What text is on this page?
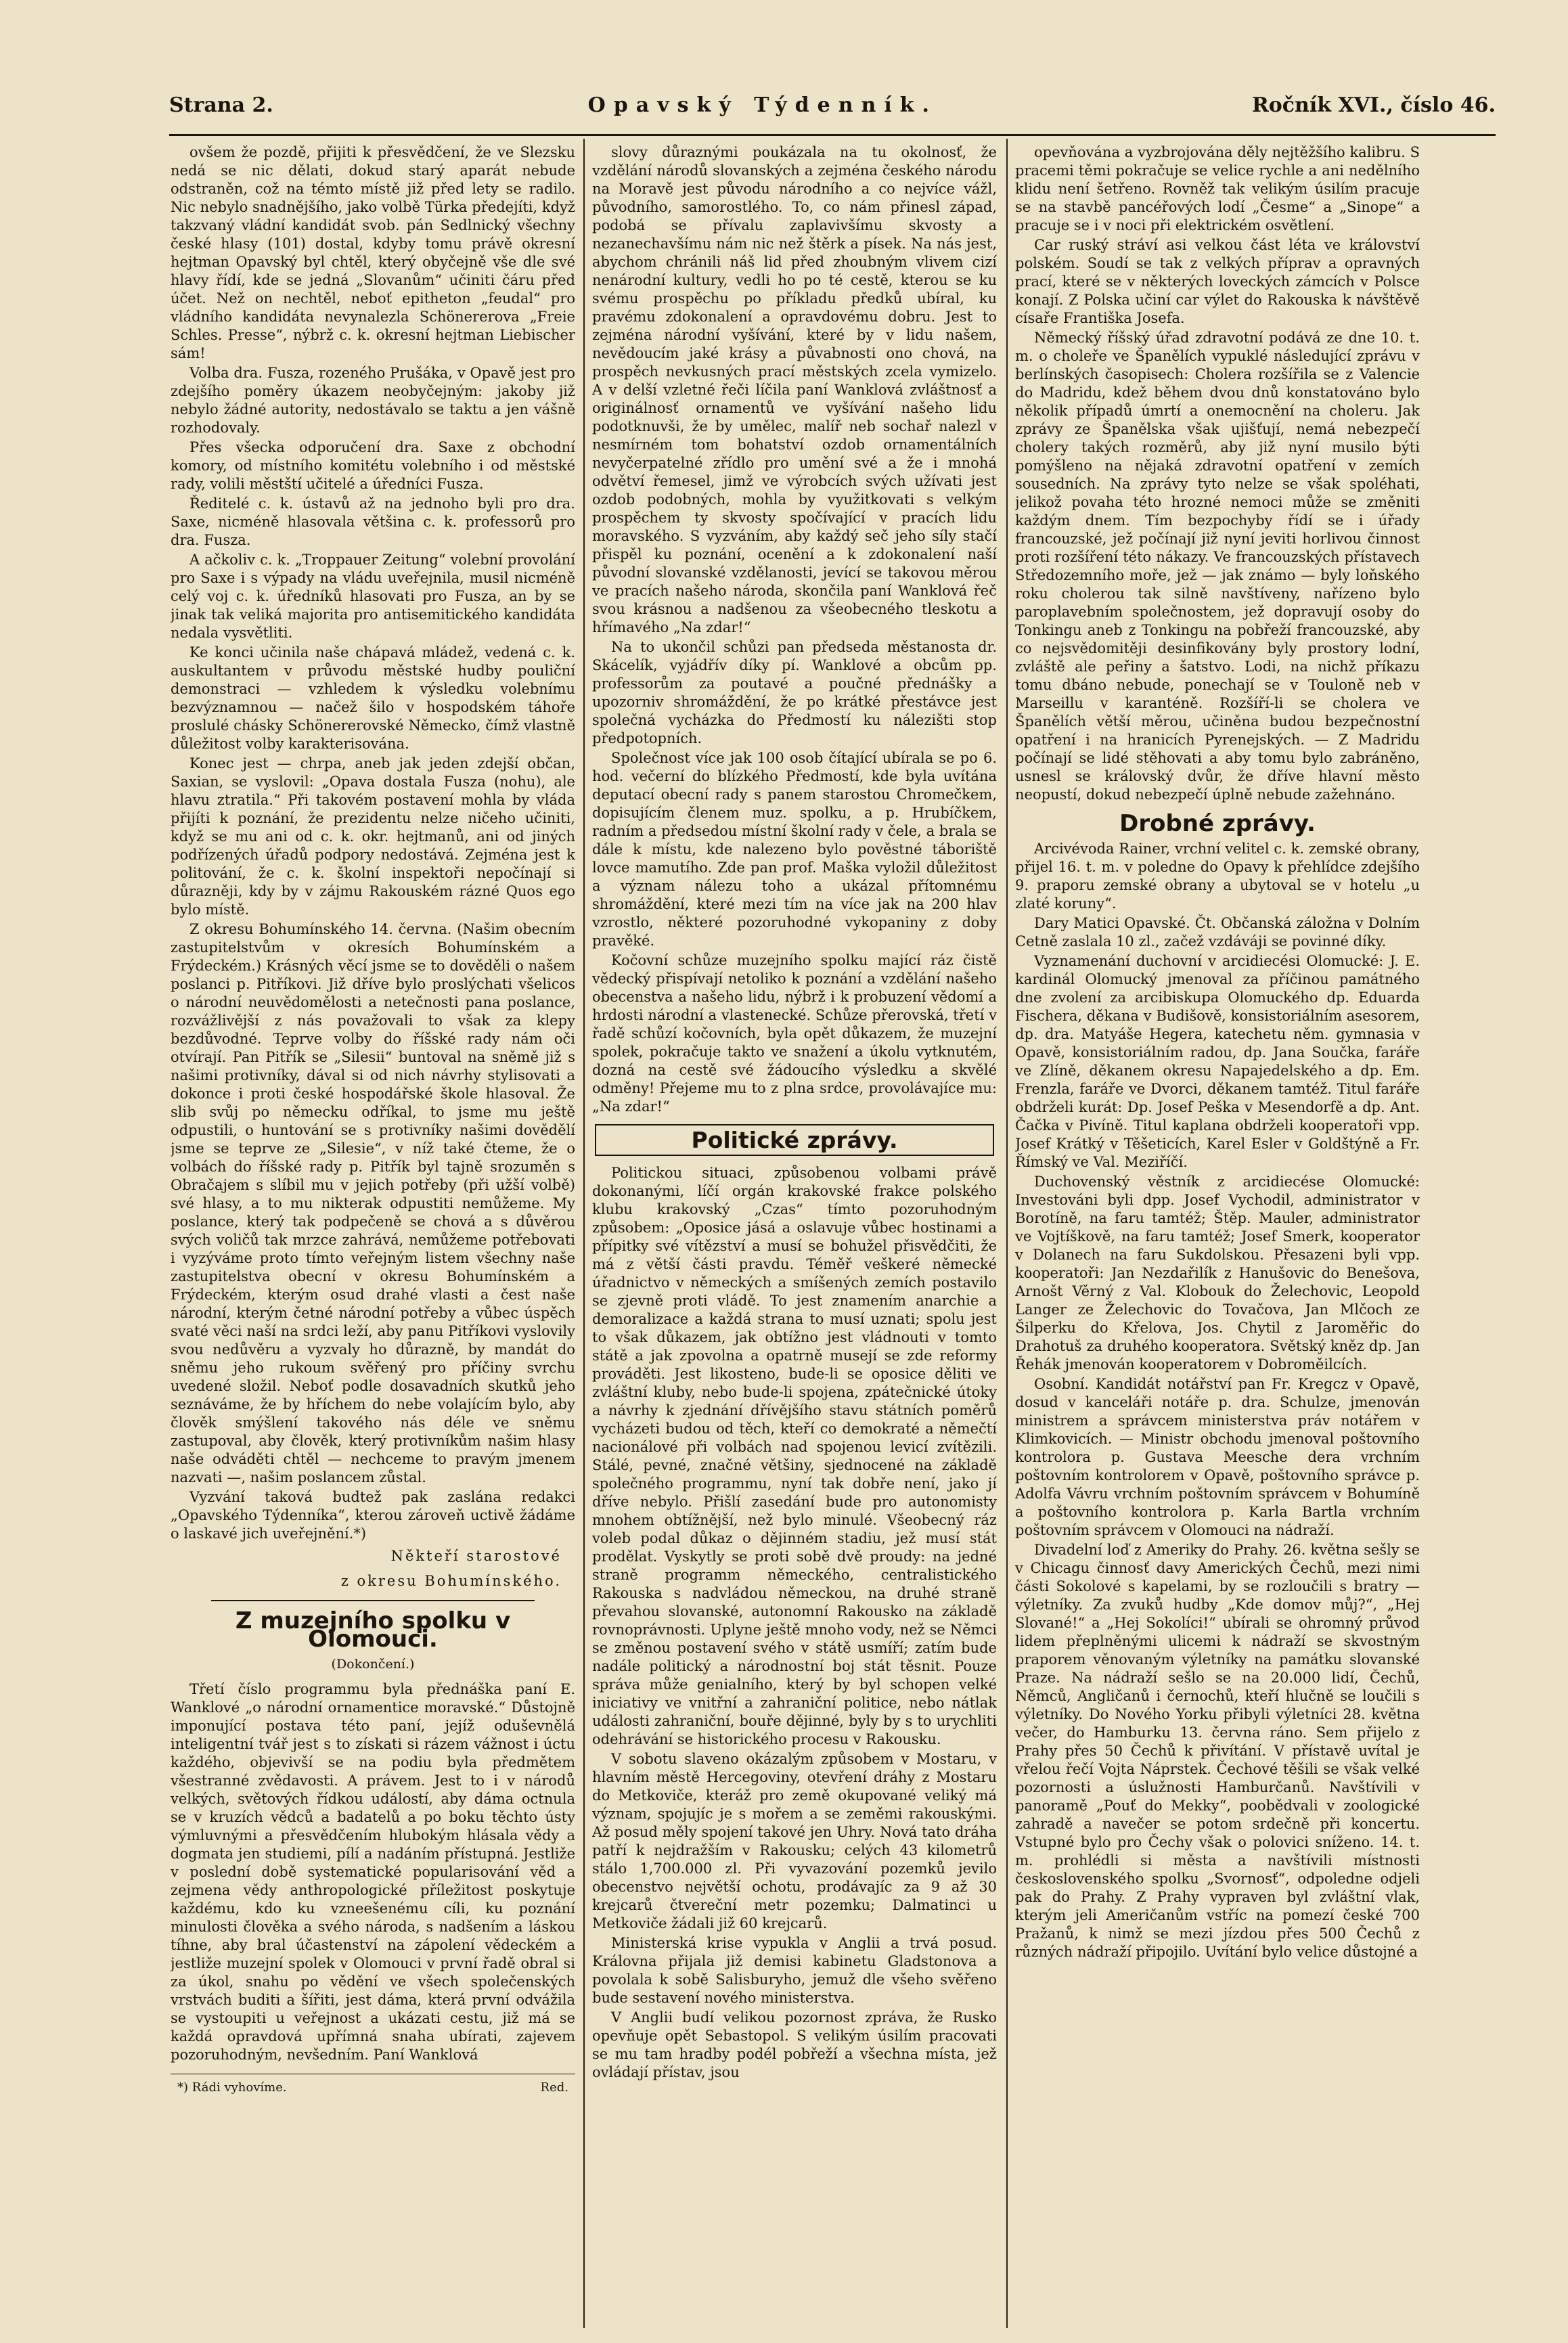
Strana 2.	Opavský Týdenník.	Ročník XVI., číslo 46.

ovšem že pozdě, přijiti k přesvědčení, že ve Slezsku nedá se nic dělati, dokud starý aparát nebude odstraněn, což na témto místě již před lety se radilo. Nic nebylo snadnějšího, jako volbě Türka předejíti, když takzvaný vládní kandidát svob. pán Sedlnický všechny české hlasy (101) dostal, kdyby tomu právě okresní hejtman Opavský byl chtěl, který obyčejně vše dle své hlavy řídí, kde se jedná „Slovanům“ učiniti čáru před účet. Než on nechtěl, neboť epitheton „feudal“ pro vládního kandidáta nevynalezla Schönererova „Freie Schles. Presse“, nýbrž c. k. okresní hejtman Liebischer sám!

Volba dra. Fusza, rozeného Prušáka, v Opavě jest pro zdejšího poměry úkazem neobyčejným: jakoby již nebylo žádné autority, nedostávalo se taktu a jen vášně rozhodovaly.

Přes všecka odporučení dra. Saxe z obchodní komory, od místního komitétu volebního i od městské rady, volili městští učitelé a úředníci Fusza.

Ředitelé c. k. ústavů až na jednoho byli pro dra. Saxe, nicméně hlasovala většina c. k. professorů pro dra. Fusza.

A ačkoliv c. k. „Troppauer Zeitung“ volební provolání pro Saxe i s výpady na vládu uveřejnila, musil nicméně celý voj c. k. úředníků hlasovati pro Fusza, an by se jinak tak veliká majorita pro antisemitického kandidáta nedala vysvětliti.

Ke konci učinila naše chápavá mládež, vedená c. k. auskultantem v průvodu městské hudby pouliční demonstraci — vzhledem k výsledku volebnímu bezvýznamnou — načež šilo v hospodském táhoře proslulé chásky Schönererovské Německo, čímž vlastně důležitost volby karakterisována.

Konec jest — chrpa, aneb jak jeden zdejší občan, Saxian, se vyslovil: „Opava dostala Fusza (nohu), ale hlavu ztratila.“ Při takovém postavení mohla by vláda přijíti k poznání, že prezidentu nelze ničeho učiniti, když se mu ani od c. k. okr. hejtmanů, ani od jiných podřízených úřadů podpory nedostává. Zejména jest k politování, že c. k. školní inspektoři nepočínají si důrazněji, kdy by v zájmu Rakouském rázné Quos ego bylo místě.

Z okresu Bohumínského 14. června. (Našim obecním zastupitelstvům v okresích Bohumínském a Frýdeckém.) Krásných věcí jsme se to dověděli o našem poslanci p. Pitříkovi. Již dříve bylo proslýchati všelicos o národní neuvědomělosti a netečnosti pana poslance, rozvážlivější z nás považovali to však za klepy bezdůvodné. Teprve volby do říšské rady nám oči otvírají. Pan Pitřík se „Silesii“ buntoval na sněmě již s našimi protivníky, dával si od nich návrhy stylisovati a dokonce i proti české hospodářské škole hlasoval. Že slib svůj po německu odříkal, to jsme mu ještě odpustili, o huntování se s protivníky našimi dovědělí jsme se teprve ze „Silesie“, v níž také čteme, že o volbách do říšské rady p. Pitřík byl tajně srozuměn s Obračajem s slíbil mu v jejich potřeby (při užší volbě) své hlasy, a to mu nikterak odpustiti nemůžeme. My poslance, který tak podpečeně se chová a s důvěrou svých voličů tak mrzce zahrává, nemůžeme potřebovati i vyzýváme proto tímto veřejným listem všechny naše zastupitelstva obecní v okresu Bohumínském a Frýdeckém, kterým osud drahé vlasti a čest naše národní, kterým četné národní potřeby a vůbec úspěch svaté věci naší na srdci leží, aby panu Pitříkovi vyslovily svou nedůvěru a vyzvaly ho důrazně, by mandát do sněmu jeho rukoum svěřený pro příčiny svrchu uvedené složil. Neboť podle dosavadních skutků jeho seznáváme, že by hříchem do nebe volajícím bylo, aby člověk smýšlení takového nás déle ve sněmu zastupoval, aby člověk, který protivníkům našim hlasy naše odváděti chtěl — nechceme to pravým jmenem nazvati —, našim poslancem zůstal.

Vyzvání taková budtež pak zaslána redakci „Opavského Týdenníka“, kterou zároveň uctivě žádáme o laskavé jich uveřejnění.*)

Někteří starostové
z okresu Bohumínského.
Z muzejního spolku v Olomouci.
(Dokončení.)

Třetí číslo programmu byla přednáška paní E. Wanklové „o národní ornamentice moravské.“ Důstojně imponující postava této paní, jejíž oduševnělá inteligentní tvář jest s to získati si rázem vážnost i úctu každého, objevivší se na podiu byla předmětem všestranné zvědavosti. A právem. Jest to i v národů velkých, světových řídkou událostí, aby dáma octnula se v kruzích vědců a badatelů a po boku těchto ústy výmluvnými a přesvědčením hlubokým hlásala vědy a dogmata jen studiemi, pílí a nadáním přístupná. Jestliže v poslední době systematické popularisování věd a zejmena vědy anthropologické příležitost poskytuje každému, kdo ku vzneešenému cíli, ku poznání minulosti člověka a svého národa, s nadšením a láskou tíhne, aby bral účastenství na zápolení vědeckém a jestliže muzejní spolek v Olomouci v první řadě obral si za úkol, snahu po vědění ve všech společenských vrstvách buditi a šířiti, jest dáma, která první odvážila se vystoupiti u veřejnost a ukázati cestu, již má se každá opravdová upřímná snaha ubírati, zajevem pozoruhodným, nevšedním. Paní Wanklová

*) Rádi vyhovíme.	Red.

slovy důraznými poukázala na tu okolnosť, že vzdělání národů slovanských a zejména českého národu na Moravě jest původu národního a co nejvíce vážl, původního, samorostlého. To, co nám přinesl západ, podobá se přívalu zaplavivšímu skvosty a nezanechavšímu nám nic než štěrk a písek. Na nás jest, abychom chránili náš lid před zhoubným vlivem cizí nenárodní kultury, vedli ho po té cestě, kterou se ku svému prospěchu po příkladu předků ubíral, ku pravému zdokonalení a opravdovému dobru. Jest to zejména národní vyšívání, které by v lidu našem, nevědoucím jaké krásy a půvabnosti ono chová, na prospěch nevkusných prací městských zcela vymizelo. A v delší vzletné řeči líčila paní Wanklová zvláštnosť a originálnosť ornamentů ve vyšívání našeho lidu podotknuvši, že by umělec, malíř neb sochař nalezl v nesmírném tom bohatství ozdob ornamentálních nevyčerpatelné zřídlo pro umění své a že i mnohá odvětví řemesel, jimž ve výrobcích svých užívati jest ozdob podobných, mohla by využitkovati s velkým prospěchem ty skvosty spočívající v pracích lidu moravského. S vyzváním, aby každý seč jeho síly stačí přispěl ku poznání, ocenění a k zdokonalení naší původní slovanské vzdělanosti, jevící se takovou měrou ve pracích našeho národa, skončila paní Wanklová řeč svou krásnou a nadšenou za všeobecného tleskotu a hřímavého „Na zdar!“

Na to ukončil schůzi pan předseda městanosta dr. Skácelík, vyjádřív díky pí. Wanklové a obcům pp. professorům za poutavé a poučné přednášky a upozorniv shromáždění, že po krátké přestávce jest společná vycházka do Předmostí ku nálezišti stop předpotopních.

Společnost více jak 100 osob čítající ubírala se po 6. hod. večerní do blízkého Předmostí, kde byla uvítána deputací obecní rady s panem starostou Chromečkem, dopisujícím členem muz. spolku, a p. Hrubíčkem, radním a předsedou místní školní rady v čele, a brala se dále k místu, kde nalezeno bylo pověstné táboriště lovce mamutího. Zde pan prof. Maška vyložil důležitost a význam nálezu toho a ukázal přítomnému shromáždění, které mezi tím na více jak na 200 hlav vzrostlo, některé pozoruhodné vykopaniny z doby pravěké.

Kočovní schůze muzejního spolku mající ráz čistě vědecký přispívají netoliko k poznání a vzdělání našeho obecenstva a našeho lidu, nýbrž i k probuzení vědomí a hrdosti národní a vlastenecké. Schůze přerovská, třetí v řadě schůzí kočovních, byla opět důkazem, že muzejní spolek, pokračuje takto ve snažení a úkolu vytknutém, dozná na cestě své žádoucího výsledku a skvělé odměny! Přejeme mu to z plna srdce, provolávajíce mu: „Na zdar!“

Politické zprávy.

Politickou situaci, způsobenou volbami právě dokonanými, líčí orgán krakovské frakce polského klubu krakovský „Czas“ tímto pozoruhodným způsobem: „Oposice jásá a oslavuje vůbec hostinami a přípitky své vítězství a musí se bohužel přisvědčiti, že má z větší části pravdu. Téměř veškeré německé úřadnictvo v německých a smíšených zemích postavilo se zjevně proti vládě. To jest znamením anarchie a demoralizace a každá strana to musí uznati; spolu jest to však důkazem, jak obtížno jest vládnouti v tomto státě a jak zpovolna a opatrně musejí se zde reformy prováděti. Jest likosteno, bude-li se oposice děliti ve zvláštní kluby, nebo bude-li spojena, zpátečnické útoky a návrhy k zjednání dřívějšího stavu státních poměrů vycházeti budou od těch, kteří co demokraté a němečtí nacionálové při volbách nad spojenou levicí zvítězili. Stálé, pevné, značné většiny, sjednocené na základě společného programmu, nyní tak dobře není, jako jí dříve nebylo. Přišlí zasedání bude pro autonomisty mnohem obtížnější, než bylo minulé. Všeobecný ráz voleb podal důkaz o dějinném stadiu, jež musí stát prodělat. Vyskytly se proti sobě dvě proudy: na jedné straně programm německého, centralistického Rakouska s nadvládou německou, na druhé straně převahou slovanské, autonomní Rakousko na základě rovnoprávnosti. Uplyne ještě mnoho vody, než se Němci se změnou postavení svého v státě usmíří; zatím bude nadále politický a národnostní boj stát těsnit. Pouze správa může genialního, který by byl schopen velké iniciativy ve vnitřní a zahraniční politice, nebo nátlak události zahraniční, bouře dějinné, byly by s to urychliti odehrávání se historického procesu v Rakousku.

V sobotu slaveno okázalým způsobem v Mostaru, v hlavním městě Hercegoviny, otevření dráhy z Mostaru do Metkoviče, kteráž pro země okupované veliký má význam, spojujíc je s mořem a se zeměmi rakouskými. Až posud měly spojení takové jen Uhry. Nová tato dráha patří k nejdražším v Rakousku; celých 43 kilometrů stálo 1,700.000 zl. Při vyvazování pozemků jevilo obecenstvo největší ochotu, prodávajíc za 9 až 30 krejcarů čtvereční metr pozemku; Dalmatinci u Metkoviče žádali již 60 krejcarů.

Ministerská krise vypukla v Anglii a trvá posud. Královna přijala již demisi kabinetu Gladstonova a povolala k sobě Salisburyho, jemuž dle všeho svěřeno bude sestavení nového ministerstva.

V Anglii budí velikou pozornost zpráva, že Rusko opevňuje opět Sebastopol. S velikým úsilím pracovati se mu tam hradby podél pobřeží a všechna místa, jež ovládají přístav, jsou

opevňována a vyzbrojována děly nejtěžšího kalibru. S pracemi těmi pokračuje se velice rychle a ani nedělního klidu není šetřeno. Rovněž tak velikým úsilím pracuje se na stavbě pancéřových lodí „Česme“ a „Sinope“ a pracuje se i v noci při elektrickém osvětlení.

Car ruský stráví asi velkou část léta ve království polském. Soudí se tak z velkých příprav a opravných prací, které se v některých loveckých zámcích v Polsce konají. Z Polska učiní car výlet do Rakouska k návštěvě císaře Františka Josefa.

Německý říšský úřad zdravotní podává ze dne 10. t. m. o choleře ve Španělích vypuklé následující zprávu v berlínských časopisech: Cholera rozšířila se z Valencie do Madridu, kdež během dvou dnů konstatováno bylo několik případů úmrtí a onemocnění na choleru. Jak zprávy ze Španělska však ujišťují, nemá nebezpečí cholery takých rozměrů, aby již nyní musilo býti pomýšleno na nějaká zdravotní opatření v zemích sousedních. Na zprávy tyto nelze se však spoléhati, jelikož povaha této hrozné nemoci může se změniti každým dnem. Tím bezpochyby řídí se i úřady francouzské, jež počínají již nyní jeviti horlivou činnost proti rozšíření této nákazy. Ve francouzských přístavech Středozemního moře, jež — jak známo — byly loňského roku cholerou tak silně navštíveny, nařízeno bylo paroplavebním společnostem, jež dopravují osoby do Tonkingu aneb z Tonkingu na pobřeží francouzské, aby co nejsvědomitěji desinfikovány byly prostory lodní, zvláště ale peřiny a šatstvo. Lodi, na nichž příkazu tomu dbáno nebude, ponechají se v Touloně neb v Marseillu v karanténě. Rozšíří-li se cholera ve Španělích větší měrou, učiněna budou bezpečnostní opatření i na hranicích Pyrenejských. — Z Madridu počínají se lidé stěhovati a aby tomu bylo zabráněno, usnesl se královský dvůr, že dříve hlavní město neopustí, dokud nebezpečí úplně nebude zažehnáno.

Drobné zprávy.

Arcivévoda Rainer, vrchní velitel c. k. zemské obrany, přijel 16. t. m. v poledne do Opavy k přehlídce zdejšího 9. praporu zemské obrany a ubytoval se v hotelu „u zlaté koruny“.

Dary Matici Opavské. Čt. Občanská záložna v Dolním Cetně zaslala 10 zl., začež vzdáváji se povinné díky.

Vyznamenání duchovní v arcidiecési Olomucké: J. E. kardinál Olomucký jmenoval za příčinou památného dne zvolení za arcibiskupa Olomuckého dp. Eduarda Fischera, děkana v Budišově, konsistoriálním asesorem, dp. dra. Matyáše Hegera, katechetu něm. gymnasia v Opavě, konsistoriálním radou, dp. Jana Součka, faráře ve Zlíně, děkanem okresu Napajedelského a dp. Em. Frenzla, faráře ve Dvorci, děkanem tamtéž. Titul faráře obdrželi kurát: Dp. Josef Peška v Mesendorfě a dp. Ant. Čačka v Pivíně. Titul kaplana obdrželi kooperatoři vpp. Josef Krátký v Těšeticích, Karel Esler v Goldštýně a Fr. Římský ve Val. Meziříčí.

Duchovenský věstník z arcidiecése Olomucké: Investováni byli dpp. Josef Vychodil, administrator v Borotíně, na faru tamtéž; Štěp. Mauler, administrator ve Vojtíškově, na faru tamtéž; Josef Smerk, kooperator v Dolanech na faru Sukdolskou. Přesazeni byli vpp. kooperatoři: Jan Nezdařilík z Hanušovic do Benešova, Arnošt Věrný z Val. Klobouk do Želechovic, Leopold Langer ze Želechovic do Tovačova, Jan Mlčoch ze Šilperku do Křelova, Jos. Chytil z Jaroměřic do Drahotuš za druhého kooperatora. Světský kněz dp. Jan Řehák jmenován kooperatorem v Dobroměilcích.

Osobní. Kandidát notářství pan Fr. Kregcz v Opavě, dosud v kanceláři notáře p. dra. Schulze, jmenován ministrem a správcem ministerstva práv notářem v Klimkovicích. — Ministr obchodu jmenoval poštovního kontrolora p. Gustava Meesche dera vrchním poštovním kontrolorem v Opavě, poštovního správce p. Adolfa Vávru vrchním poštovním správcem v Bohumíně a poštovního kontrolora p. Karla Bartla vrchním poštovním správcem v Olomouci na nádraží.

Divadelní loď z Ameriky do Prahy. 26. května sešly se v Chicagu činnosť davy Amerických Čechů, mezi nimi části Sokolové s kapelami, by se rozloučili s bratry — výletníky. Za zvuků hudby „Kde domov můj?“, „Hej Slované!“ a „Hej Sokolíci!“ ubírali se ohromný průvod lidem přeplněnými ulicemi k nádraží se skvostným praporem věnovaným výletníky na památku slovanské Praze. Na nádraží sešlo se na 20.000 lidí, Čechů, Němců, Angličanů i černochů, kteří hlučně se loučili s výletníky. Do Nového Yorku přibyli výletníci 28. května večer, do Hamburku 13. června ráno. Sem přijelo z Prahy přes 50 Čechů k přivítání. V přístavě uvítal je vřelou řečí Vojta Náprstek. Čechové těšili se však velké pozornosti a úslužnosti Hamburčanů. Navštívili v panoramě „Pouť do Mekky“, poobědvali v zoologické zahradě a navečer se potom srdečně při koncertu. Vstupné bylo pro Čechy však o polovici sníženo. 14. t. m. prohlédli si města a navštívili místnosti československého spolku „Svornosť“, odpoledne odjeli pak do Prahy. Z Prahy vypraven byl zvláštní vlak, kterým jeli Američanům vstříc na pomezí české 700 Pražanů, k nimž se mezi jízdou přes 500 Čechů z různých nádraží připojilo. Uvítání bylo velice důstojné a
